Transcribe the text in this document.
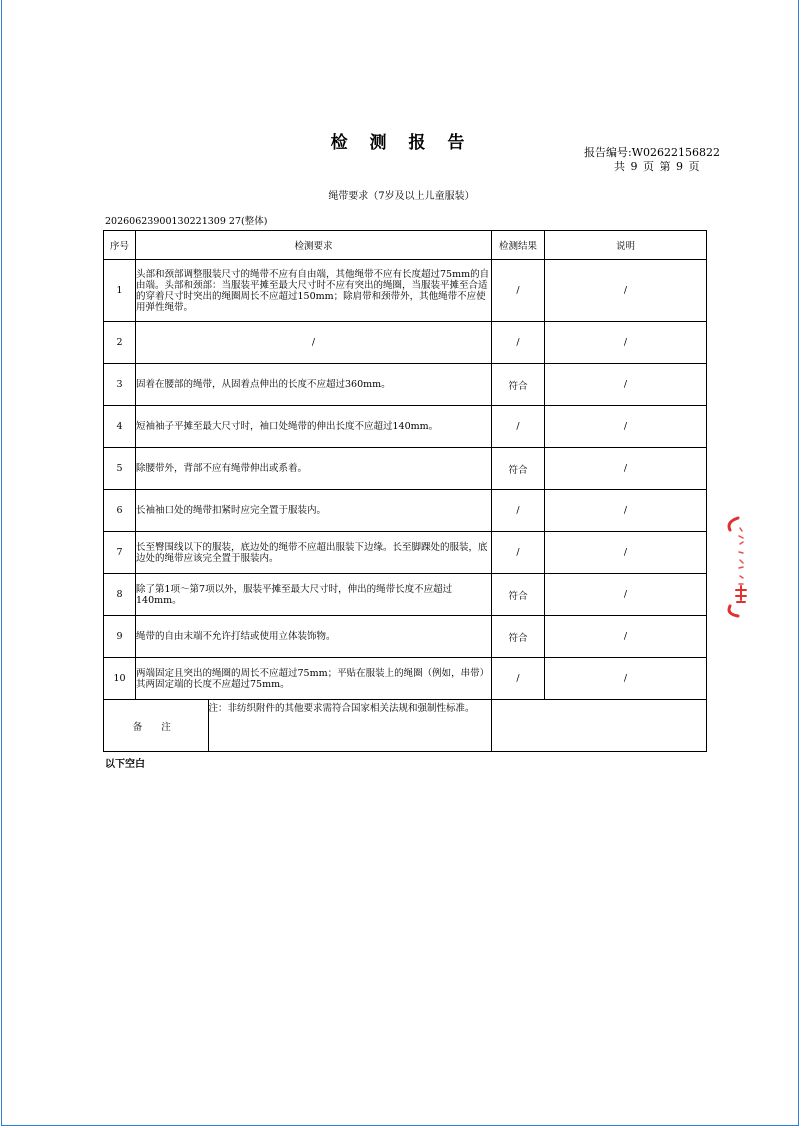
检 测 报 告	报告编号:W02622156822
共 9 页 第 9 页
绳带要求（7岁及以上儿童服装）
20260623900130221309 27(整体)
序号	检测要求	检测结果	说明
1	头部和颈部调整服装尺寸的绳带不应有自由端，其他绳带不应有长度超过75mm的自由端。头部和颈部：当服装平摊至最大尺寸时不应有突出的绳圈，当服装平摊至合适的穿着尺寸时突出的绳圈周长不应超过150mm；除肩带和颈带外，其他绳带不应使用弹性绳带。	/	/
2	/	/	/
3	固着在腰部的绳带，从固着点伸出的长度不应超过360mm。	符合	/
4	短袖袖子平摊至最大尺寸时，袖口处绳带的伸出长度不应超过140mm。	/	/
5	除腰带外，背部不应有绳带伸出或系着。	符合	/
6	长袖袖口处的绳带扣紧时应完全置于服装内。	/	/
7	长至臀围线以下的服装，底边处的绳带不应超出服装下边缘。长至脚踝处的服装，底边处的绳带应该完全置于服装内。	/	/
8	除了第1项～第7项以外，服装平摊至最大尺寸时，伸出的绳带长度不应超过140mm。	符合	/
9	绳带的自由末端不允许打结或使用立体装饰物。	符合	/
10	两端固定且突出的绳圈的周长不应超过75mm；平贴在服装上的绳圈（例如，串带）其两固定端的长度不应超过75mm。	/	/

备 注	注：非纺织附件的其他要求需符合国家相关法规和强制性标准。

以下空白
